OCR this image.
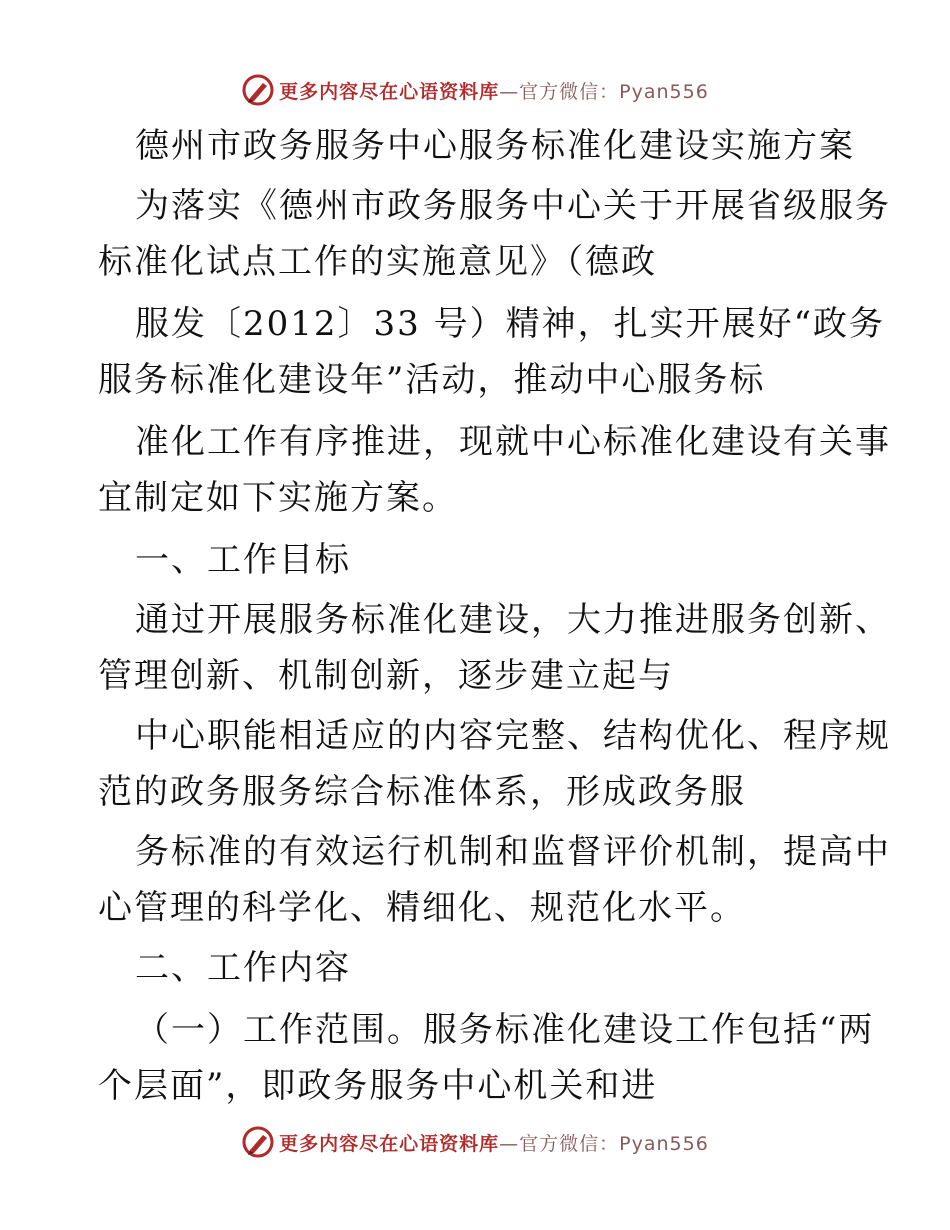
更多内容尽在心语资料库 —官方微信：Pyan556
德州市政务服务中心服务标准化建设实施方案
为落实《德州市政务服务中心关于开展省级服务
标准化试点工作的实施意见》（德政
服发〔2012〕33 号）精神，扎实开展好“政务
服务标准化建设年”活动，推动中心服务标
准化工作有序推进，现就中心标准化建设有关事
宜制定如下实施方案。
一、工作目标
通过开展服务标准化建设，大力推进服务创新、
管理创新、机制创新，逐步建立起与
中心职能相适应的内容完整、结构优化、程序规
范的政务服务综合标准体系，形成政务服
务标准的有效运行机制和监督评价机制，提高中
心管理的科学化、精细化、规范化水平。
二、工作内容
（一）工作范围。服务标准化建设工作包括“两
个层面”，即政务服务中心机关和进
更多内容尽在心语资料库 —官方微信：Pyan556
